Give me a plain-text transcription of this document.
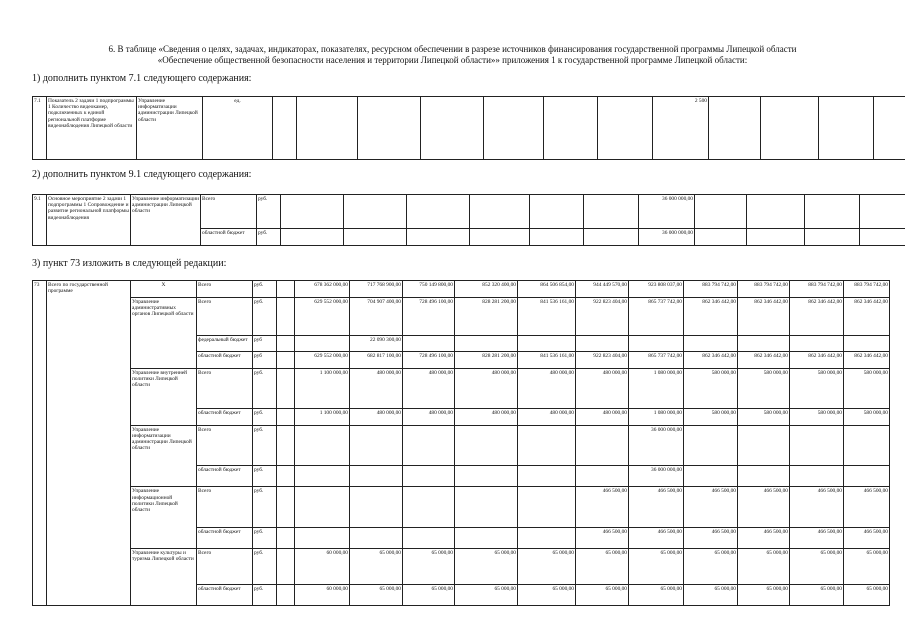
6. В таблице «Сведения о целях, задачах, индикаторах, показателях, ресурсном обеспечении в разрезе источников финансирования государственной программы Липецкой области
«Обеспечение общественной безопасности населения и территории Липецкой области»» приложения 1 к государственной программе Липецкой области:
1) дополнить пунктом 7.1 следующего содержания:
7.1	Показатель 2 задачи 1 подпрограммы 1 Количество видеокамер, подключенных к единой региональной платформе видеонаблюдения Липецкой области	Управление информатизации администрации Липецкой области	ед.								2 500				
2) дополнить пунктом 9.1 следующего содержания:
9.1	Основное мероприятие 2 задачи 1 подпрограммы 1 Сопровождение и развитие региональной платформы видеонаблюдения	Управление информатизации администрации Липецкой области	Всего	руб.							36 000 000,00				
			областной бюджет	руб.							36 000 000,00				
3) пункт 73 изложить в следующей редакции:
73	Всего по государственной программе	X	Всего	руб.		678 362 000,00	717 768 900,00	750 149 800,00	852 320 400,00	864 506 854,00	944 449 570,00	923 808 037,00	883 794 742,00	883 794 742,00	883 794 742,00	883 794 742,00
		Управление административных органов Липецкой области	Всего	руб.		629 552 000,00	704 907 400,00	728 496 100,00	828 281 200,00	841 536 161,00	922 823 404,00	865 737 742,00	862 346 442,00	862 346 442,00	862 346 442,00	862 346 442,00
			федеральный бюджет	руб			22 090 300,00									
			областной бюджет	руб		629 552 000,00	682 817 100,00	728 496 100,00	828 281 200,00	841 536 161,00	922 823 404,00	865 737 742,00	862 346 442,00	862 346 442,00	862 346 442,00	862 346 442,00
		Управление внутренней политики Липецкой области	Всего	руб.		1 100 000,00	480 000,00	480 000,00	480 000,00	480 000,00	480 000,00	1 080 000,00	580 000,00	580 000,00	580 000,00	580 000,00
			областной бюджет	руб.		1 100 000,00	480 000,00	480 000,00	480 000,00	480 000,00	480 000,00	1 080 000,00	580 000,00	580 000,00	580 000,00	580 000,00
		Управление информатизации администрации Липецкой области	Всего	руб.								36 000 000,00				
			областной бюджет	руб.								36 000 000,00				
		Управление информационной политики Липецкой области	Всего	руб.							466 500,00	466 500,00	466 500,00	466 500,00	466 500,00	466 500,00
			областной бюджет	руб.							466 500,00	466 500,00	466 500,00	466 500,00	466 500,00	466 500,00
		Управление культуры и туризма Липецкой области	Всего	руб.		60 000,00	65 000,00	65 000,00	65 000,00	65 000,00	65 000,00	65 000,00	65 000,00	65 000,00	65 000,00	65 000,00
			областной бюджет	руб.		60 000,00	65 000,00	65 000,00	65 000,00	65 000,00	65 000,00	65 000,00	65 000,00	65 000,00	65 000,00	65 000,00
